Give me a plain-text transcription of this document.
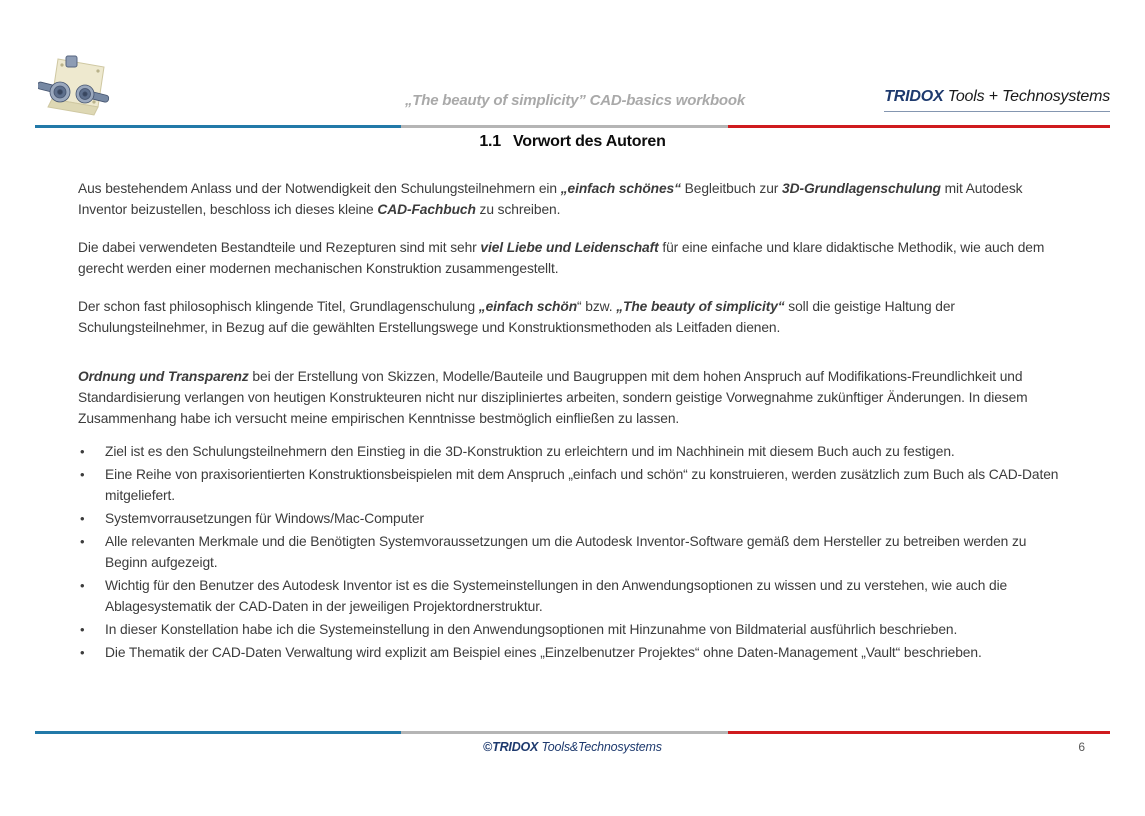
„The beauty of simplicity” CAD-basics workbook	TRIDOX Tools + Technosystems
1.1 Vorwort des Autoren

Aus bestehendem Anlass und der Notwendigkeit den Schulungsteilnehmern ein „einfach schönes“ Begleitbuch zur 3D-Grundlagenschulung mit Autodesk Inventor beizustellen, beschloss ich dieses kleine CAD-Fachbuch zu schreiben.

Die dabei verwendeten Bestandteile und Rezepturen sind mit sehr viel Liebe und Leidenschaft für eine einfache und klare didaktische Methodik, wie auch dem gerecht werden einer modernen mechanischen Konstruktion zusammengestellt.

Der schon fast philosophisch klingende Titel, Grundlagenschulung „einfach schön“ bzw. „The beauty of simplicity“ soll die geistige Haltung der Schulungsteilnehmer, in Bezug auf die gewählten Erstellungswege und Konstruktionsmethoden als Leitfaden dienen.

Ordnung und Transparenz bei der Erstellung von Skizzen, Modelle/Bauteile und Baugruppen mit dem hohen Anspruch auf Modifikations-Freundlichkeit und Standardisierung verlangen von heutigen Konstrukteuren nicht nur diszipliniertes arbeiten, sondern geistige Vorwegnahme zukünftiger Änderungen. In diesem Zusammenhang habe ich versucht meine empirischen Kenntnisse bestmöglich einfließen zu lassen.

• Ziel ist es den Schulungsteilnehmern den Einstieg in die 3D-Konstruktion zu erleichtern und im Nachhinein mit diesem Buch auch zu festigen.
• Eine Reihe von praxisorientierten Konstruktionsbeispielen mit dem Anspruch „einfach und schön“ zu konstruieren, werden zusätzlich zum Buch als CAD-Daten mitgeliefert.
• Systemvorrausetzungen für Windows/Mac-Computer
• Alle relevanten Merkmale und die Benötigten Systemvoraussetzungen um die Autodesk Inventor-Software gemäß dem Hersteller zu betreiben werden zu Beginn aufgezeigt.
• Wichtig für den Benutzer des Autodesk Inventor ist es die Systemeinstellungen in den Anwendungsoptionen zu wissen und zu verstehen, wie auch die Ablagesystematik der CAD-Daten in der jeweiligen Projektordnerstruktur.
• In dieser Konstellation habe ich die Systemeinstellung in den Anwendungsoptionen mit Hinzunahme von Bildmaterial ausführlich beschrieben.
• Die Thematik der CAD-Daten Verwaltung wird explizit am Beispiel eines „Einzelbenutzer Projektes“ ohne Daten-Management „Vault“ beschrieben.
©TRIDOX Tools&Technosystems	6
